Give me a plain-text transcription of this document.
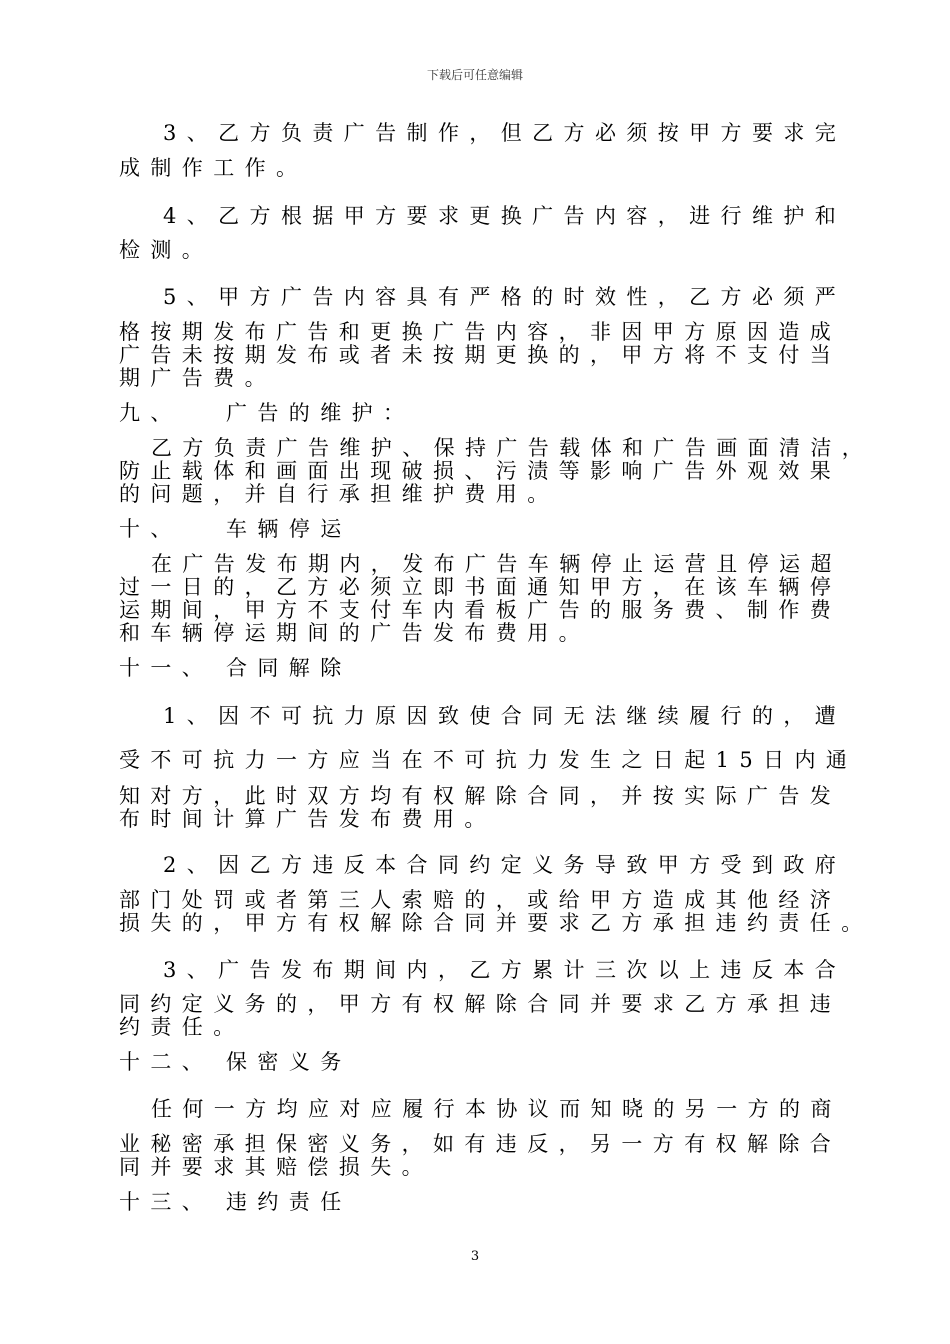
下载后可任意编辑
3、乙方负责广告制作，但乙方必须按甲方要求完
成制作工作。
4、乙方根据甲方要求更换广告内容，进行维护和
检测。
5、甲方广告内容具有严格的时效性，乙方必须严
格按期发布广告和更换广告内容，非因甲方原因造成
广告未按期发布或者未按期更换的，甲方将不支付当
期广告费。
九、 广告的维护：
乙方负责广告维护、保持广告载体和广告画面清洁，
防止载体和画面出现破损、污渍等影响广告外观效果
的问题，并自行承担维护费用。
十、 车辆停运
在广告发布期内，发布广告车辆停止运营且停运超
过一日的，乙方必须立即书面通知甲方，在该车辆停
运期间，甲方不支付车内看板广告的服务费、制作费
和车辆停运期间的广告发布费用。
十一、 合同解除
1、因不可抗力原因致使合同无法继续履行的，遭
受不可抗力一方应当在不可抗力发生之日起15日内通
知对方，此时双方均有权解除合同，并按实际广告发
布时间计算广告发布费用。
2、因乙方违反本合同约定义务导致甲方受到政府
部门处罚或者第三人索赔的，或给甲方造成其他经济
损失的，甲方有权解除合同并要求乙方承担违约责任。
3、广告发布期间内，乙方累计三次以上违反本合
同约定义务的，甲方有权解除合同并要求乙方承担违
约责任。
十二、 保密义务
任何一方均应对应履行本协议而知晓的另一方的商
业秘密承担保密义务，如有违反，另一方有权解除合
同并要求其赔偿损失。
十三、 违约责任
3
